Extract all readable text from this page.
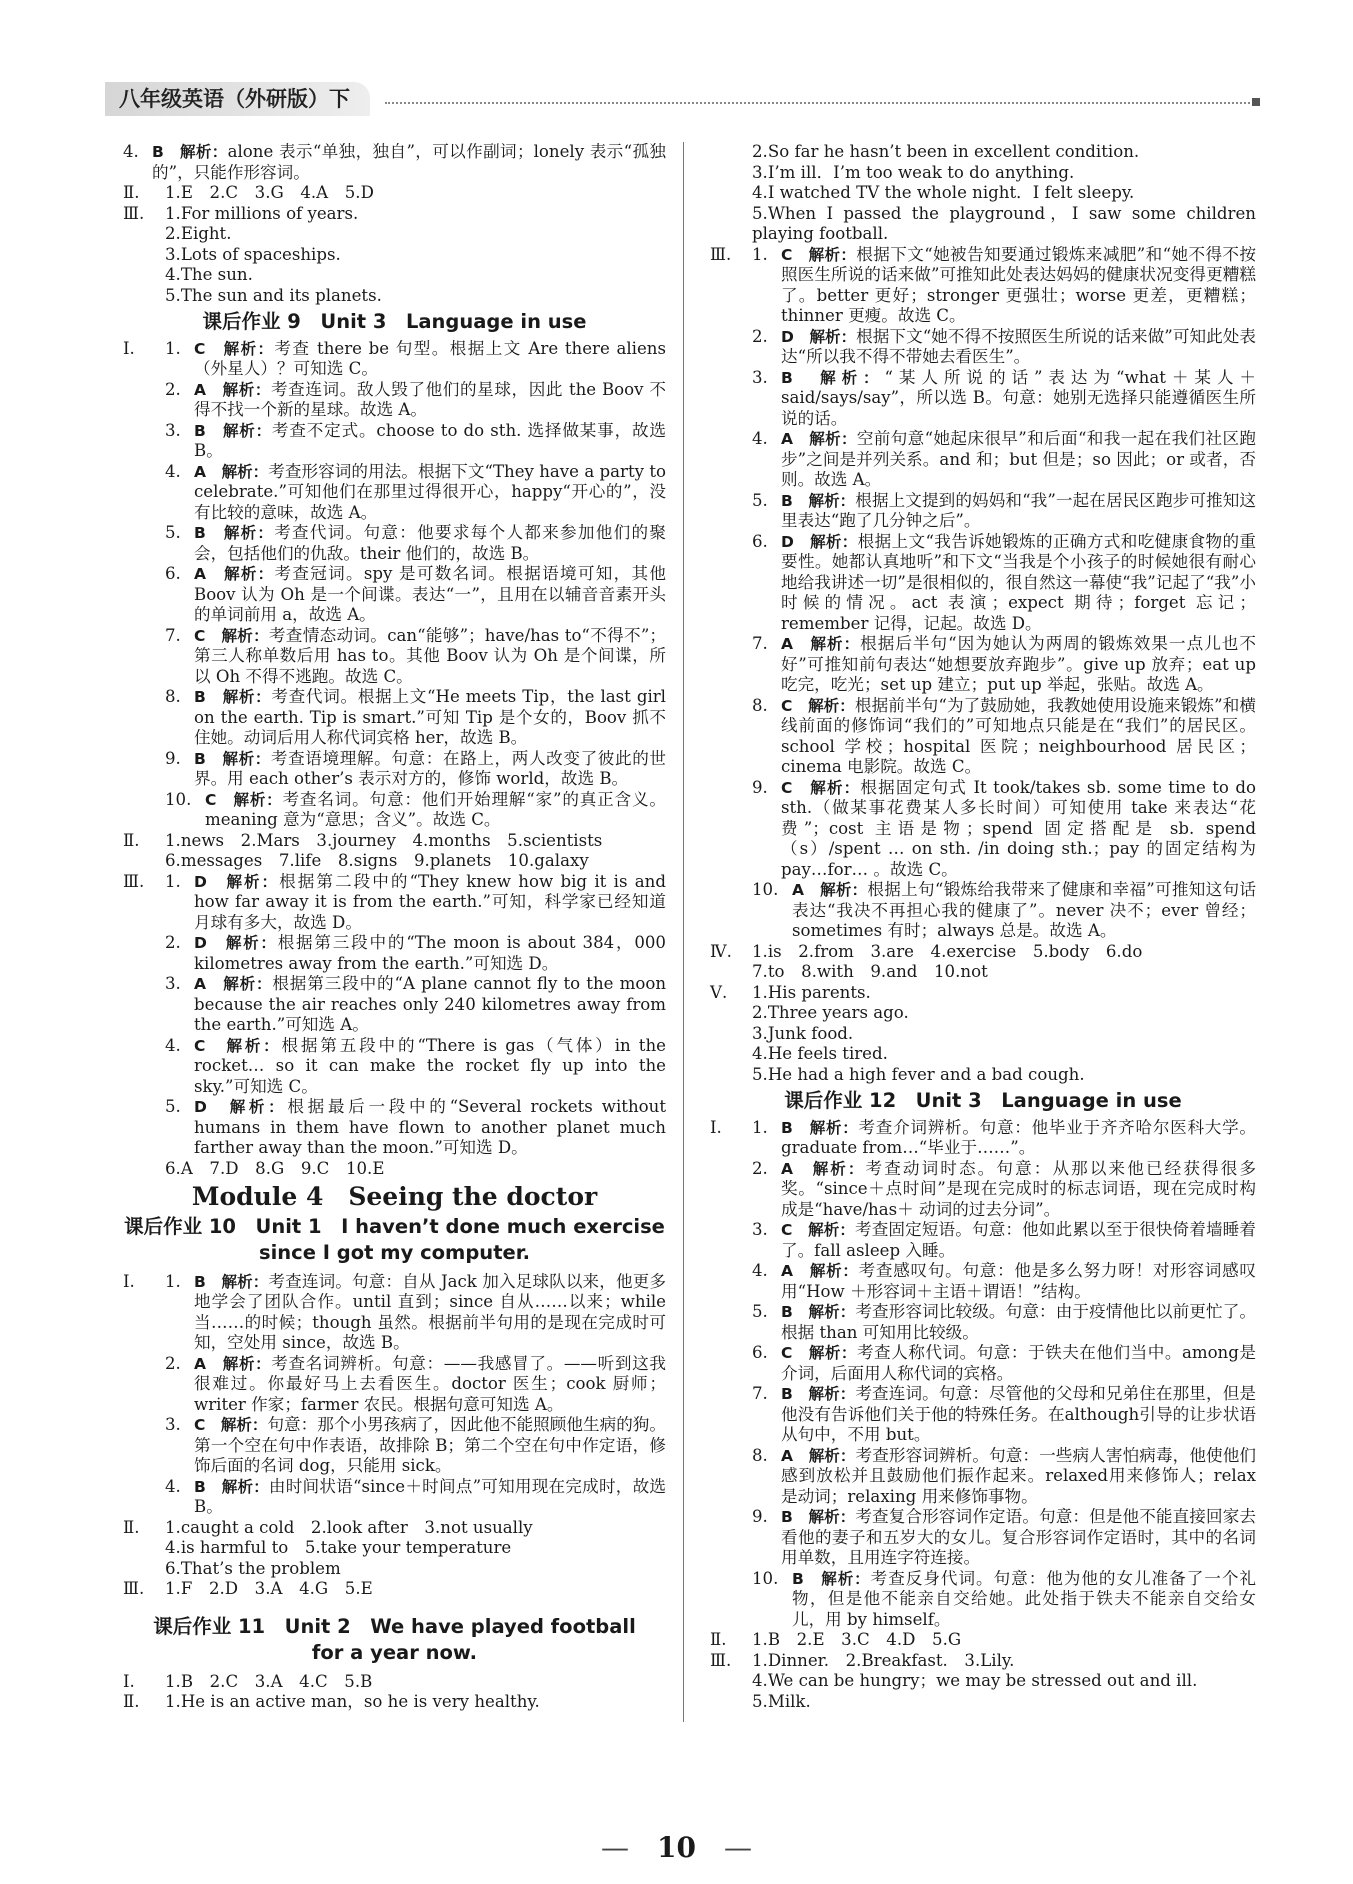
八年级英语（外研版）下
4. B　解析：alone 表示“单独，独自”，可以作副词；lonely 表示“孤独的”，只能作形容词。
Ⅱ. 1.E　2.C　3.G　4.A　5.D
Ⅲ. 1.For millions of years.
2.Eight.
3.Lots of spaceships.
4.The sun.
5.The sun and its planets.
课后作业 9　Unit 3　Language in use
Ⅰ. 1. C　解析：考查 there be 句型。根据上文 Are there aliens（外星人）？可知选 C。
2. A　解析：考查连词。敌人毁了他们的星球，因此 the Boov 不得不找一个新的星球。故选 A。
3. B　解析：考查不定式。choose to do sth. 选择做某事，故选 B。
4. A　解析：考查形容词的用法。根据下文“They have a party to celebrate.”可知他们在那里过得很开心，happy“开心的”，没有比较的意味，故选 A。
5. B　解析：考查代词。句意：他要求每个人都来参加他们的聚会，包括他们的仇敌。their 他们的，故选 B。
6. A　解析：考查冠词。spy 是可数名词。根据语境可知，其他 Boov 认为 Oh 是一个间谍。表达“一”，且用在以辅音音素开头的单词前用 a，故选 A。
7. C　解析：考查情态动词。can“能够”；have/has to“不得不”；第三人称单数后用 has to。其他 Boov 认为 Oh 是个间谍，所以 Oh 不得不逃跑。故选 C。
8. B　解析：考查代词。根据上文“He meets Tip，the last girl on the earth. Tip is smart.”可知 Tip 是个女的，Boov 抓不住她。动词后用人称代词宾格 her，故选 B。
9. B　解析：考查语境理解。句意：在路上，两人改变了彼此的世界。用 each other’s 表示对方的，修饰 world，故选 B。
10. C　解析：考查名词。句意：他们开始理解“家”的真正含义。meaning 意为“意思；含义”。故选 C。
Ⅱ. 1.news　2.Mars　3.journey　4.months　5.scientists
6.messages　7.life　8.signs　9.planets　10.galaxy
Ⅲ. 1. D　解析：根据第二段中的“They knew how big it is and how far away it is from the earth.”可知，科学家已经知道月球有多大，故选 D。
2. D　解析：根据第三段中的“The moon is about 384，000 kilometres away from the earth.”可知选 D。
3. A　解析：根据第三段中的“A plane cannot fly to the moon because the air reaches only 240 kilometres away from the earth.”可知选 A。
4. C　解析：根据第五段中的“There is gas（气体）in the rocket… so it can make the rocket fly up into the sky.”可知选 C。
5. D　解析：根据最后一段中的“Several rockets without humans in them have flown to another planet much farther away than the moon.”可知选 D。
6.A　7.D　8.G　9.C　10.E
Module 4　Seeing the doctor
课后作业 10　Unit 1　I haven’t done much exercise
since I got my computer.
Ⅰ. 1. B　解析：考查连词。句意：自从 Jack 加入足球队以来，他更多地学会了团队合作。until 直到；since 自从……以来；while 当……的时候；though 虽然。根据前半句用的是现在完成时可知，空处用 since，故选 B。
2. A　解析：考查名词辨析。句意：——我感冒了。——听到这我很难过。你最好马上去看医生。doctor 医生；cook 厨师；writer 作家；farmer 农民。根据句意可知选 A。
3. C　解析：句意：那个小男孩病了，因此他不能照顾他生病的狗。第一个空在句中作表语，故排除 B；第二个空在句中作定语，修饰后面的名词 dog，只能用 sick。
4. B　解析：由时间状语“since＋时间点”可知用现在完成时，故选 B。
Ⅱ. 1.caught a cold　2.look after　3.not usually
4.is harmful to　5.take your temperature
6.That’s the problem
Ⅲ. 1.F　2.D　3.A　4.G　5.E
课后作业 11　Unit 2　We have played football
for a year now.
Ⅰ. 1.B　2.C　3.A　4.C　5.B
Ⅱ. 1.He is an active man，so he is very healthy.
2.So far he hasn’t been in excellent condition.
3.I’m ill．I’m too weak to do anything.
4.I watched TV the whole night．I felt sleepy.
5.When I passed the playground，I saw some children playing football.
Ⅲ. 1. C　解析：根据下文“她被告知要通过锻炼来减肥”和“她不得不按照医生所说的话来做”可推知此处表达妈妈的健康状况变得更糟糕了。better 更好；stronger 更强壮；worse 更差，更糟糕；thinner 更瘦。故选 C。
2. D　解析：根据下文“她不得不按照医生所说的话来做”可知此处表达“所以我不得不带她去看医生”。
3. B　解析：“某人所说的话”表达为“what＋某人＋said/says/say”，所以选 B。句意：她别无选择只能遵循医生所说的话。
4. A　解析：空前句意“她起床很早”和后面“和我一起在我们社区跑步”之间是并列关系。and 和；but 但是；so 因此；or 或者，否则。故选 A。
5. B　解析：根据上文提到的妈妈和“我”一起在居民区跑步可推知这里表达“跑了几分钟之后”。
6. D　解析：根据上文“我告诉她锻炼的正确方式和吃健康食物的重要性。她都认真地听”和下文“当我是个小孩子的时候她很有耐心地给我讲述一切”是很相似的，很自然这一幕使“我”记起了“我”小时候的情况。act 表演；expect 期待；forget 忘记；remember 记得，记起。故选 D。
7. A　解析：根据后半句“因为她认为两周的锻炼效果一点儿也不好”可推知前句表达“她想要放弃跑步”。give up 放弃；eat up 吃完，吃光；set up 建立；put up 举起，张贴。故选 A。
8. C　解析：根据前半句“为了鼓励她，我教她使用设施来锻炼”和横线前面的修饰词“我们的”可知地点只能是在“我们”的居民区。school 学校；hospital 医院；neighbourhood 居民区；cinema 电影院。故选 C。
9. C　解析：根据固定句式 It took/takes sb. some time to do sth.（做某事花费某人多长时间）可知使用 take 来表达“花费”；cost 主语是物；spend 固定搭配是 sb. spend（s）/spent … on sth. /in doing sth.；pay 的固定结构为 pay…for… 。故选 C。
10. A　解析：根据上句“锻炼给我带来了健康和幸福”可推知这句话表达“我决不再担心我的健康了”。never 决不；ever 曾经；sometimes 有时；always 总是。故选 A。
Ⅳ. 1.is　2.from　3.are　4.exercise　5.body　6.do
7.to　8.with　9.and　10.not
Ⅴ. 1.His parents.
2.Three years ago.
3.Junk food.
4.He feels tired.
5.He had a high fever and a bad cough.
课后作业 12　Unit 3　Language in use
Ⅰ. 1. B　解析：考查介词辨析。句意：他毕业于齐齐哈尔医科大学。graduate from…“毕业于……”。
2. A　解析：考查动词时态。句意：从那以来他已经获得很多奖。“since＋点时间”是现在完成时的标志词语，现在完成时构成是“have/has＋ 动词的过去分词”。
3. C　解析：考查固定短语。句意：他如此累以至于很快倚着墙睡着了。fall asleep 入睡。
4. A　解析：考查感叹句。句意：他是多么努力呀！对形容词感叹用“How ＋形容词＋主语＋谓语！”结构。
5. B　解析：考查形容词比较级。句意：由于疫情他比以前更忙了。根据 than 可知用比较级。
6. C　解析：考查人称代词。句意：于铁夫在他们当中。among是介词，后面用人称代词的宾格。
7. B　解析：考查连词。句意：尽管他的父母和兄弟住在那里，但是他没有告诉他们关于他的特殊任务。在although引导的让步状语从句中，不用 but。
8. A　解析：考查形容词辨析。句意：一些病人害怕病毒，他使他们感到放松并且鼓励他们振作起来。relaxed用来修饰人；relax 是动词；relaxing 用来修饰事物。
9. B　解析：考查复合形容词作定语。句意：但是他不能直接回家去看他的妻子和五岁大的女儿。复合形容词作定语时，其中的名词用单数，且用连字符连接。
10. B　解析：考查反身代词。句意：他为他的女儿准备了一个礼物，但是他不能亲自交给她。此处指于铁夫不能亲自交给女儿，用 by himself。
Ⅱ. 1.B　2.E　3.C　4.D　5.G
Ⅲ. 1.Dinner.　2.Breakfast.　3.Lily.
4.We can be hungry；we may be stressed out and ill.
5.Milk.
—　10　—
